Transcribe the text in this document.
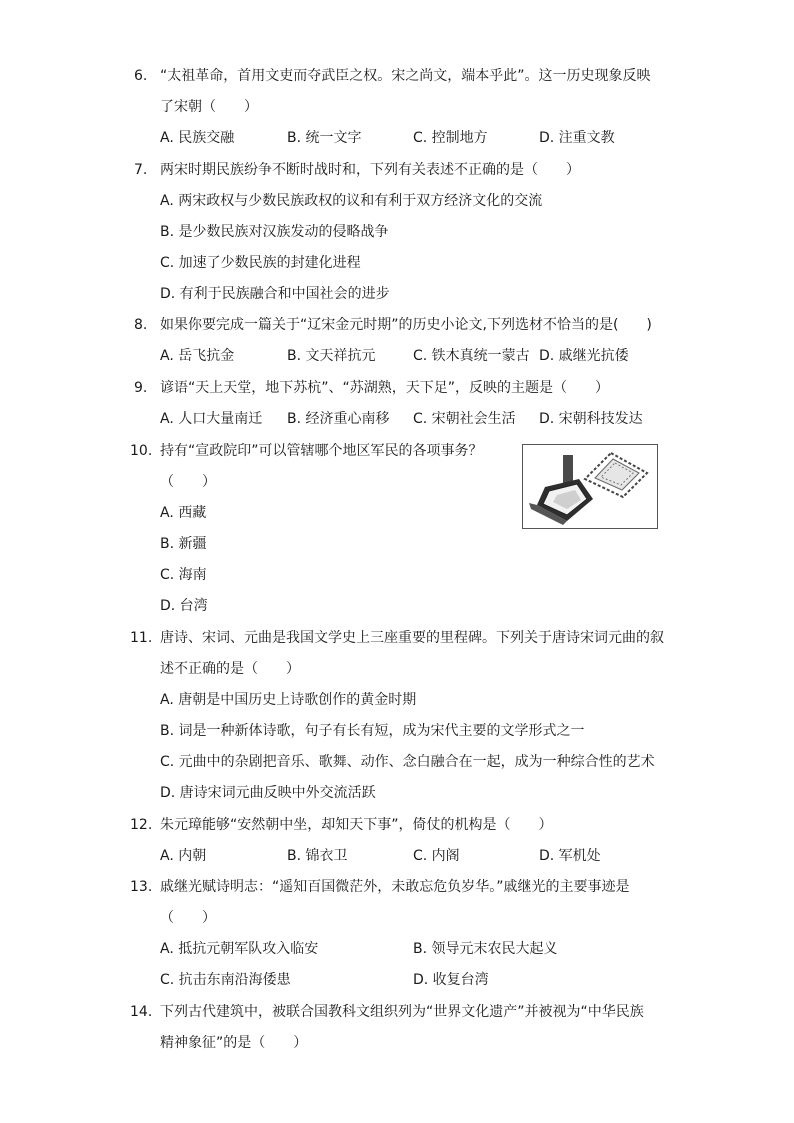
6. “太祖革命，首用文吏而夺武臣之权。宋之尚文，端本乎此”。这一历史现象反映
了宋朝（　　）
A. 民族交融	B. 统一文字	C. 控制地方	D. 注重文教
7. 两宋时期民族纷争不断时战时和，下列有关表述不正确的是（　　）
A. 两宋政权与少数民族政权的议和有利于双方经济文化的交流
B. 是少数民族对汉族发动的侵略战争
C. 加速了少数民族的封建化进程
D. 有利于民族融合和中国社会的进步
8. 如果你要完成一篇关于“辽宋金元时期”的历史小论文,下列选材不恰当的是(　　)
A. 岳飞抗金	B. 文天祥抗元	C. 铁木真统一蒙古 D. 戚继光抗倭
9. 谚语“天上天堂，地下苏杭”、“苏湖熟，天下足”，反映的主题是（　　）
A. 人口大量南迁 B. 经济重心南移 C. 宋朝社会生活 D. 宋朝科技发达
10. 持有“宣政院印”可以管辖哪个地区军民的各项事务？
（　　）
A. 西藏
B. 新疆
C. 海南
D. 台湾
11. 唐诗、宋词、元曲是我国文学史上三座重要的里程碑。下列关于唐诗宋词元曲的叙
述不正确的是（　　）
A. 唐朝是中国历史上诗歌创作的黄金时期
B. 词是一种新体诗歌，句子有长有短，成为宋代主要的文学形式之一
C. 元曲中的杂剧把音乐、歌舞、动作、念白融合在一起，成为一种综合性的艺术
D. 唐诗宋词元曲反映中外交流活跃
12. 朱元璋能够“安然朝中坐，却知天下事”，倚仗的机构是（　　）
A. 内朝	B. 锦衣卫	C. 内阁	D. 军机处
13. 戚继光赋诗明志：“遥知百国微茫外，未敢忘危负岁华。”戚继光的主要事迹是
（　　）
A. 抵抗元朝军队攻入临安	B. 领导元末农民大起义
C. 抗击东南沿海倭患	D. 收复台湾
14. 下列古代建筑中，被联合国教科文组织列为“世界文化遗产”并被视为“中华民族
精神象征”的是（　　）
